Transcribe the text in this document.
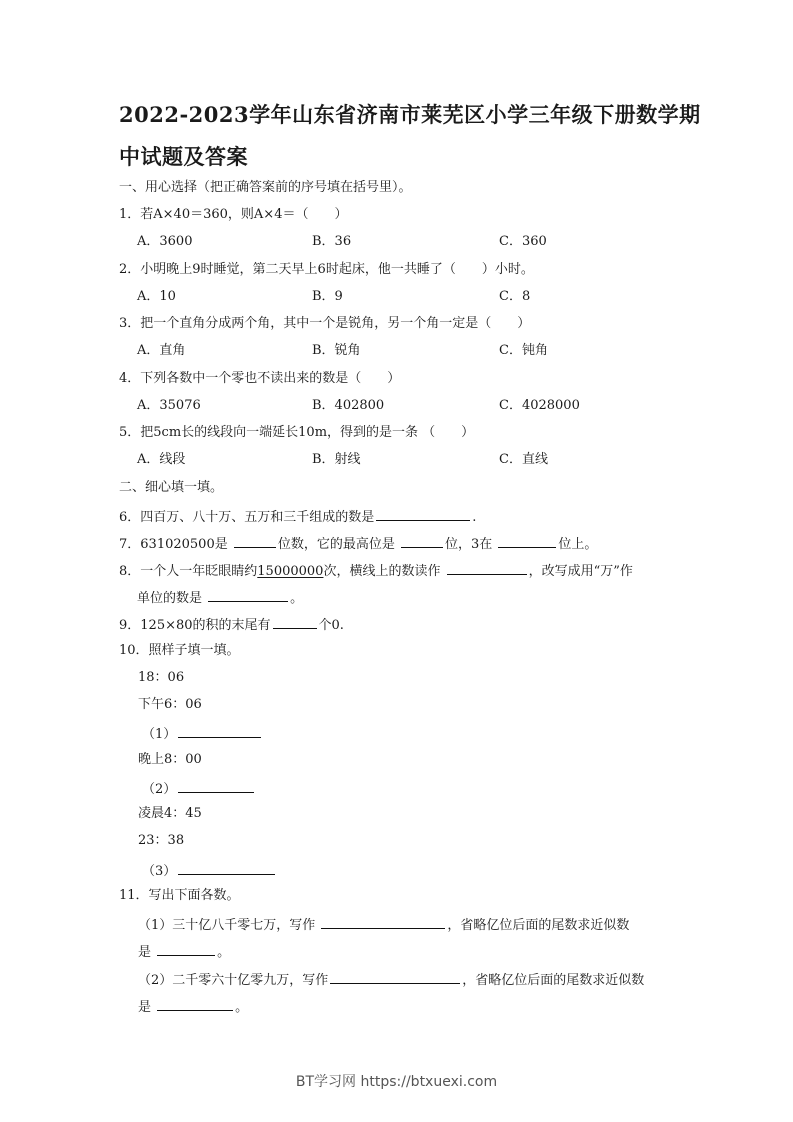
2022-2023学年山东省济南市莱芜区小学三年级下册数学期
中试题及答案
一、用心选择（把正确答案前的序号填在括号里）。
1．若A×40＝360，则A×4＝（　　）
A．3600	B．36	C．360
2．小明晚上9时睡觉，第二天早上6时起床，他一共睡了（　　）小时。
A．10	B．9	C．8
3．把一个直角分成两个角，其中一个是锐角，另一个角一定是（　　）
A．直角	B．锐角	C．钝角
4．下列各数中一个零也不读出来的数是（　　）
A．35076	B．402800	C．4028000
5．把5cm长的线段向一端延长10m，得到的是一条 （　　）
A．线段	B．射线	C．直线
二、细心填一填。
6．四百万、八十万、五万和三千组成的数是	.
7．631020500是	位数，它的最高位是	位，3在	位上。
8．一个人一年眨眼睛约15000000次，横线上的数读作	，改写成用“万”作
单位的数是	。
9．125×80的积的末尾有	个0.
10．照样子填一填。
18：06
下午6：06
（1）
晚上8：00
（2）
凌晨4：45
23：38
（3）
11．写出下面各数。
（1）三十亿八千零七万，写作	，省略亿位后面的尾数求近似数
是	。
（2）二千零六十亿零九万，写作	，省略亿位后面的尾数求近似数
是	。
BT学习网 https://btxuexi.com
